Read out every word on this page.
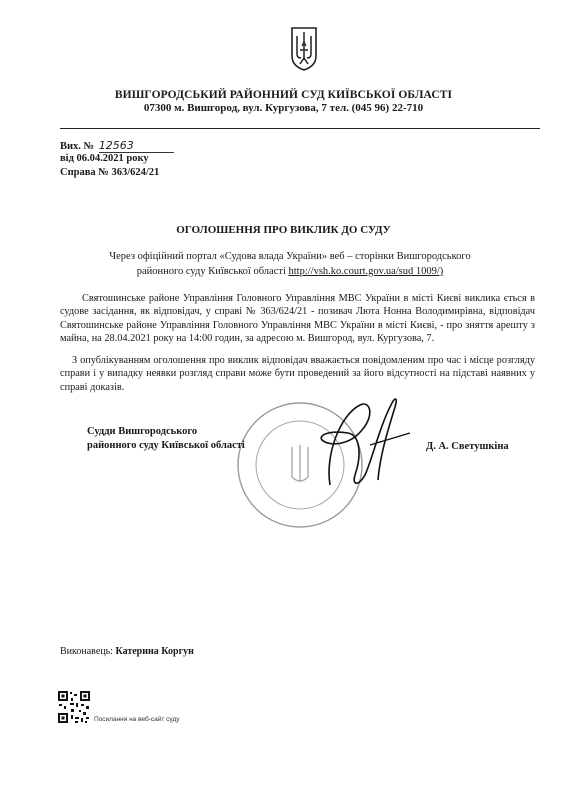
ВИШГОРОДСЬКИЙ РАЙОННИЙ СУД КИЇВСЬКОЇ ОБЛАСТІ
07300 м. Вишгород, вул. Кургузова, 7 тел. (045 96) 22-710
Вих. № 12563
від 06.04.2021 року
Справа № 363/624/21
ОГОЛОШЕННЯ ПРО ВИКЛИК ДО СУДУ
Через офіційний портал «Судова влада України» веб – сторінки Вишгородського районного суду Київської області http://vsh.ko.court.gov.ua/sud 1009/)
Святошинське районе Управління Головного Управління МВС України в місті Києві виклика ється в судове засідання, як відповідач, у справі № 363/624/21 - позивач Люта Нонна Володимирівна, відповідач Святошинське районе Управління Головного Управління МВС України в місті Києві, - про зняття арешту з майна, на 28.04.2021 року на 14:00 годин, за адресою м. Вишгород, вул. Кургузова, 7.
З опублікуванням оголошення про виклик відповідач вважається повідомленим про час і місце розгляду справи і у випадку неявки розгляд справи може бути проведений за його відсутності на підставі наявних у справі доказів.
Судди Вишгородського
районного суду Київської області	Д. А. Светушкіна
Виконавець: Катерина Коргун
Посилання на веб-сайт суду
